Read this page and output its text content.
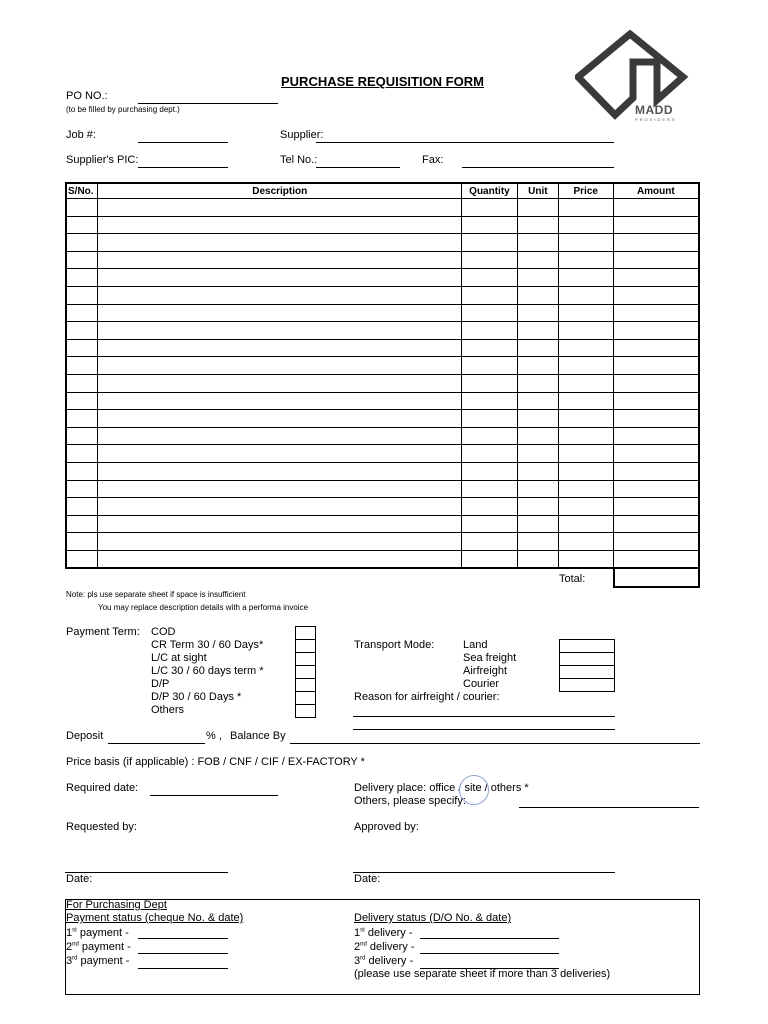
MADD
PROVIDERS
PURCHASE REQUISITION FORM
PO NO.:
(to be filled by purchasing dept.)
Job #:	Supplier:
Supplier's PIC:	Tel No.:	Fax:
S/No.	Description	Quantity	Unit	Price	Amount

Total:
Note: pls use separate sheet if space is insufficient
You may replace description details with a performa invoice
Payment Term: COD
CR Term 30 / 60 Days*
L/C at sight
L/C 30 / 60 days term *
D/P
D/P 30 / 60 Days *
Others
Transport Mode:	Land
Sea freight
Airfreight
Courier
Reason for airfreight / courier:
Deposit	% , Balance By
Price basis (if applicable) : FOB / CNF / CIF / EX-FACTORY *
Required date:	Delivery place: office / site / others *
Others, please specify:
Requested by:	Approved by:
Date:	Date:
For Purchasing Dept
Payment status (cheque No. & date)	Delivery status (D/O No. & date)
1st payment -
2nd payment -
3rd payment -
1st delivery -
2nd delivery -
3rd delivery -
(please use separate sheet if more than 3 deliveries)
